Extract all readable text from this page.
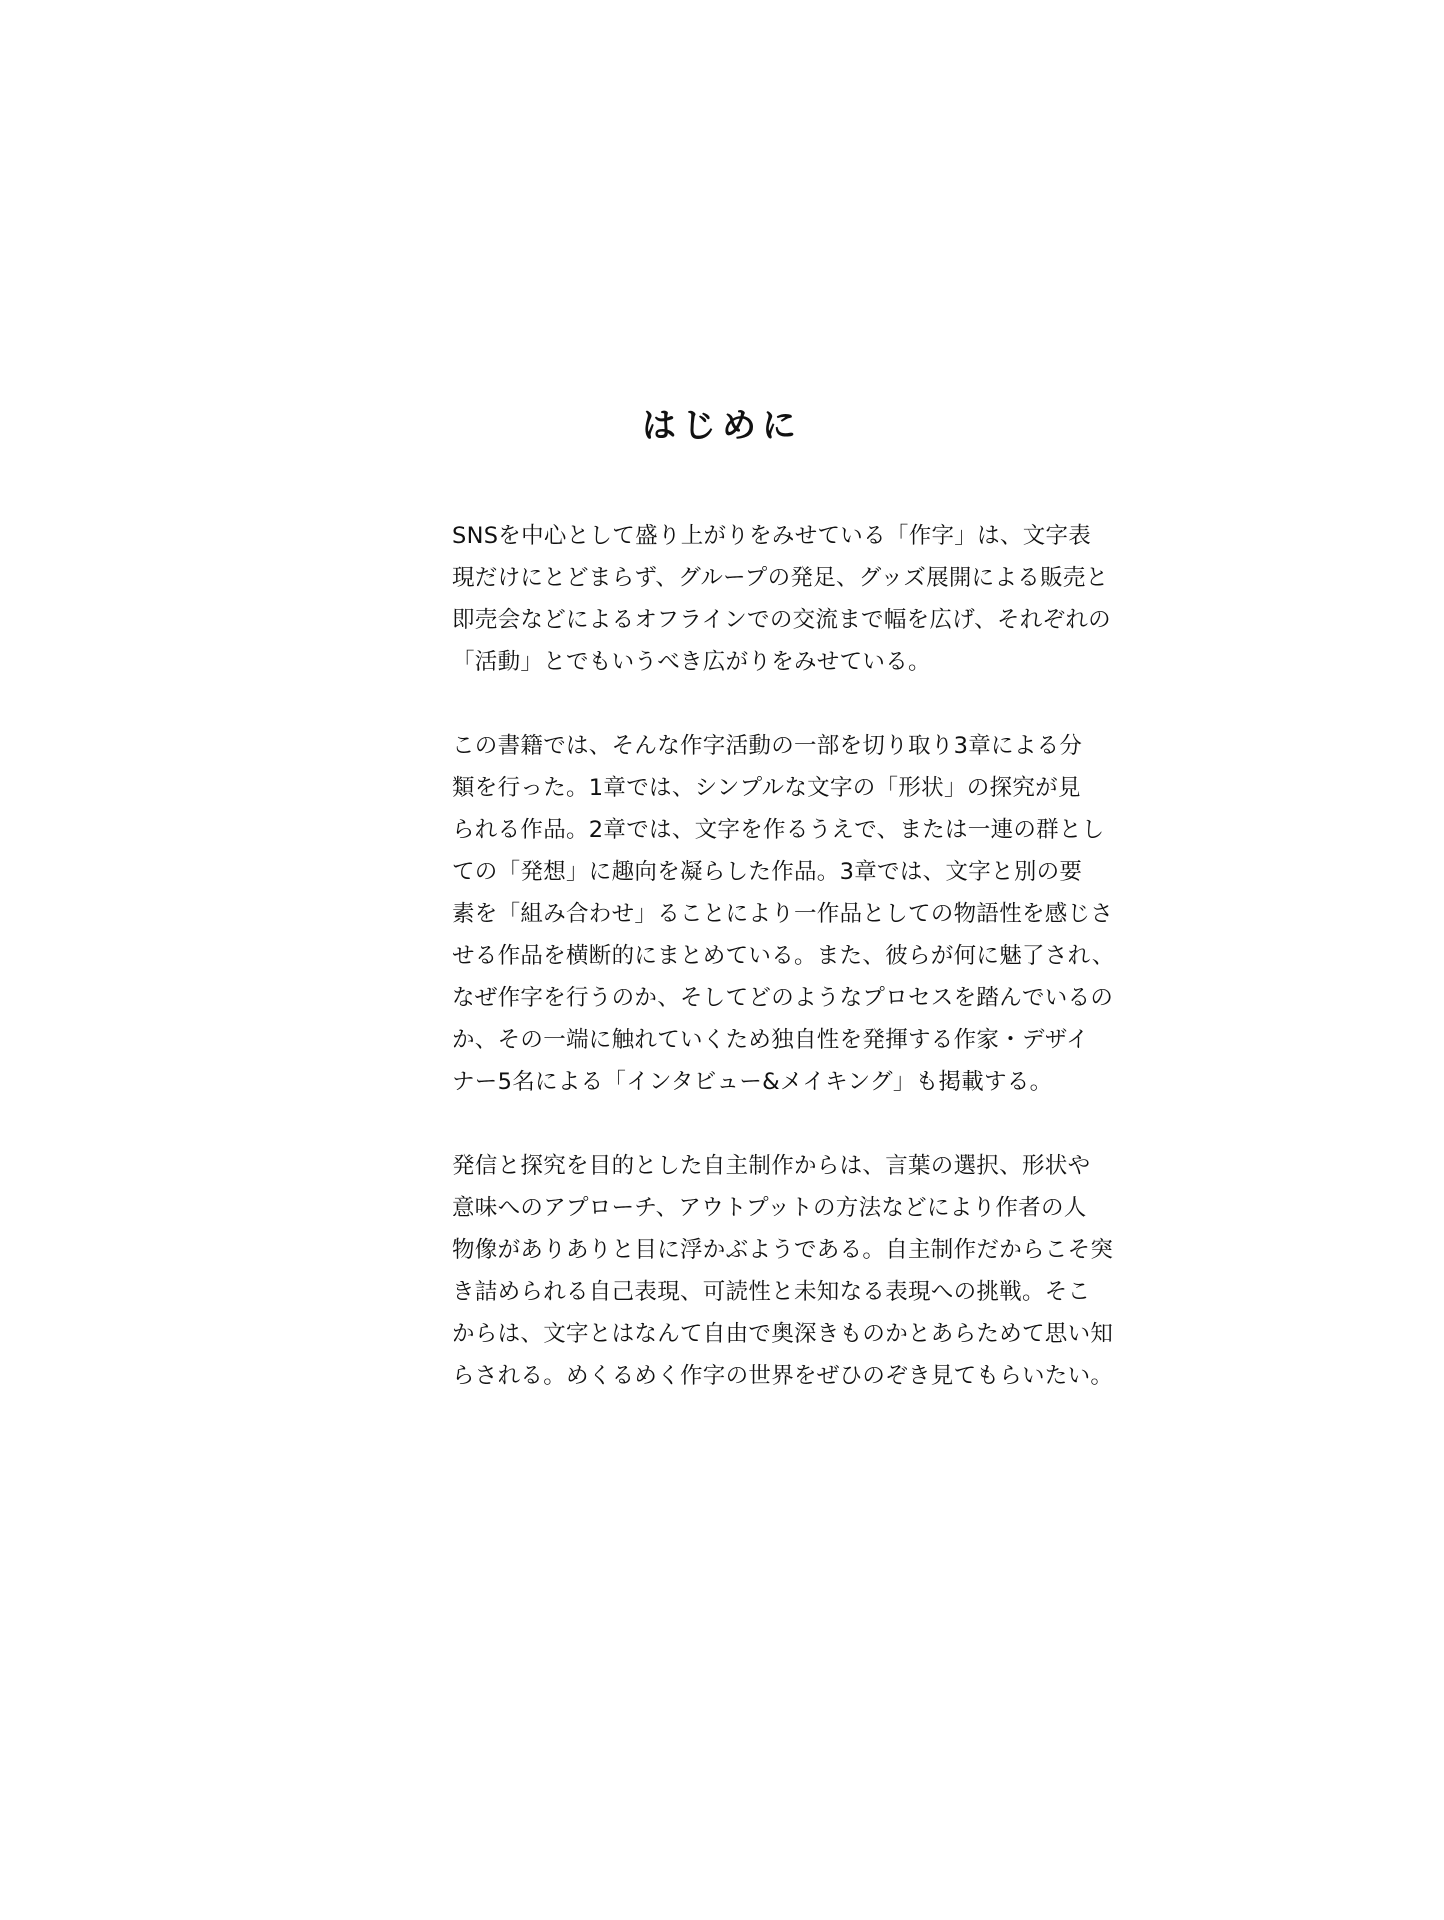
はじめに
SNSを中心として盛り上がりをみせている「作字」は、文字表
現だけにとどまらず、グループの発足、グッズ展開による販売と
即売会などによるオフラインでの交流まで幅を広げ、それぞれの
「活動」とでもいうべき広がりをみせている。
この書籍では、そんな作字活動の一部を切り取り3章による分
類を行った。1章では、シンプルな文字の「形状」の探究が見
られる作品。2章では、文字を作るうえで、または一連の群とし
ての「発想」に趣向を凝らした作品。3章では、文字と別の要
素を「組み合わせ」ることにより一作品としての物語性を感じさ
せる作品を横断的にまとめている。また、彼らが何に魅了され、
なぜ作字を行うのか、そしてどのようなプロセスを踏んでいるの
か、その一端に触れていくため独自性を発揮する作家・デザイ
ナー5名による「インタビュー&メイキング」も掲載する。
発信と探究を目的とした自主制作からは、言葉の選択、形状や
意味へのアプローチ、アウトプットの方法などにより作者の人
物像がありありと目に浮かぶようである。自主制作だからこそ突
き詰められる自己表現、可読性と未知なる表現への挑戦。そこ
からは、文字とはなんて自由で奥深きものかとあらためて思い知
らされる。めくるめく作字の世界をぜひのぞき見てもらいたい。
